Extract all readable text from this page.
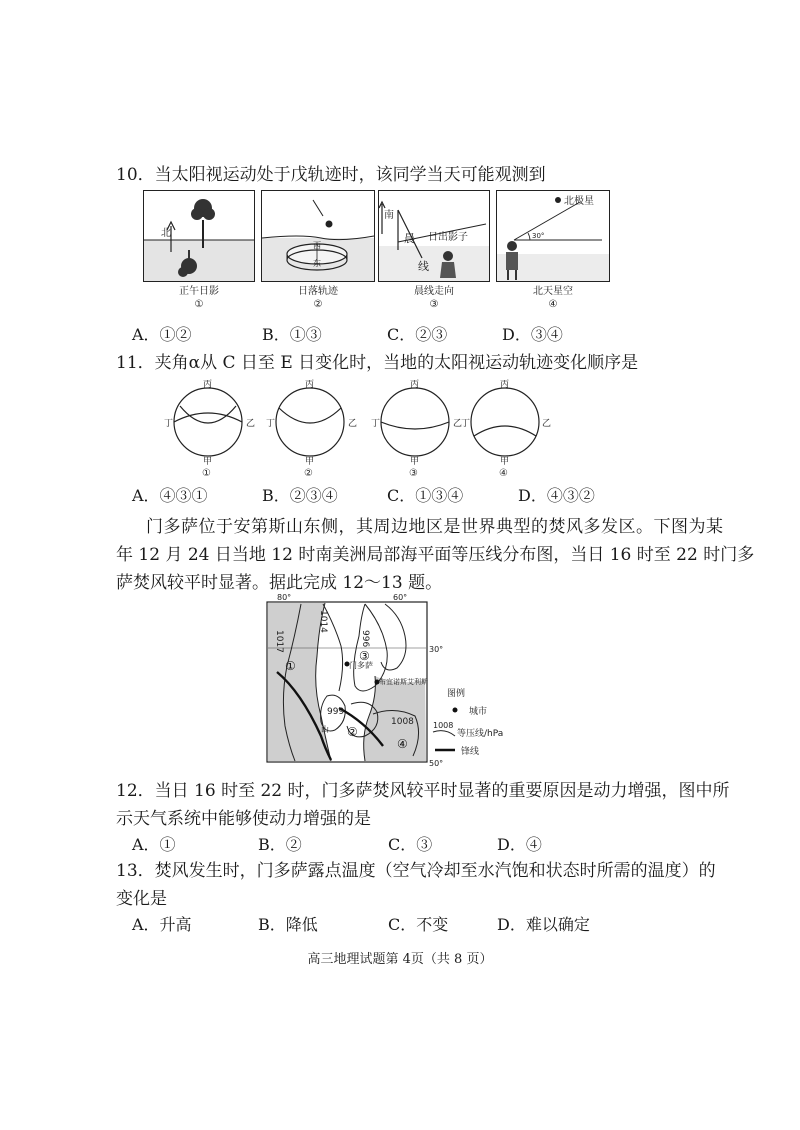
10．当太阳视运动处于戊轨迹时，该同学当天可能观测到
北
正午日影
①
西
东
日落轨迹
②
南
晨
线
日出影子
晨线走向
③
北极星
30°
北天星空
④
A．①②	B．①③	C．②③	D．③④
11．夹角α从 C 日至 E 日变化时，当地的太阳视运动轨迹变化顺序是
丙
丁	乙
甲
①
丙
丁	乙
甲
②
丙
丁	乙
甲
③
丙
丁	乙
甲
④
A．④③①	B．②③④	C．①③④	D．④③②
门多萨位于安第斯山东侧，其周边地区是世界典型的焚风多发区。下图为某
年 12 月 24 日当地 12 时南美洲局部海平面等压线分布图，当日 16 时至 22 时门多
萨焚风较平时显著。据此完成 12～13 题。
80°	60°
30°
50°
1017
1014
996
999
1008
门多萨
布宜诺斯艾利斯
山
①
②
③
④
图例
城市
1008
等压线/hPa
锋线
12．当日 16 时至 22 时，门多萨焚风较平时显著的重要原因是动力增强，图中所
示天气系统中能够使动力增强的是
A．①	B．②	C．③	D．④
13．焚风发生时，门多萨露点温度（空气冷却至水汽饱和状态时所需的温度）的
变化是
A．升高	B．降低	C．不变	D．难以确定
高三地理试题第 4页（共 8 页）
